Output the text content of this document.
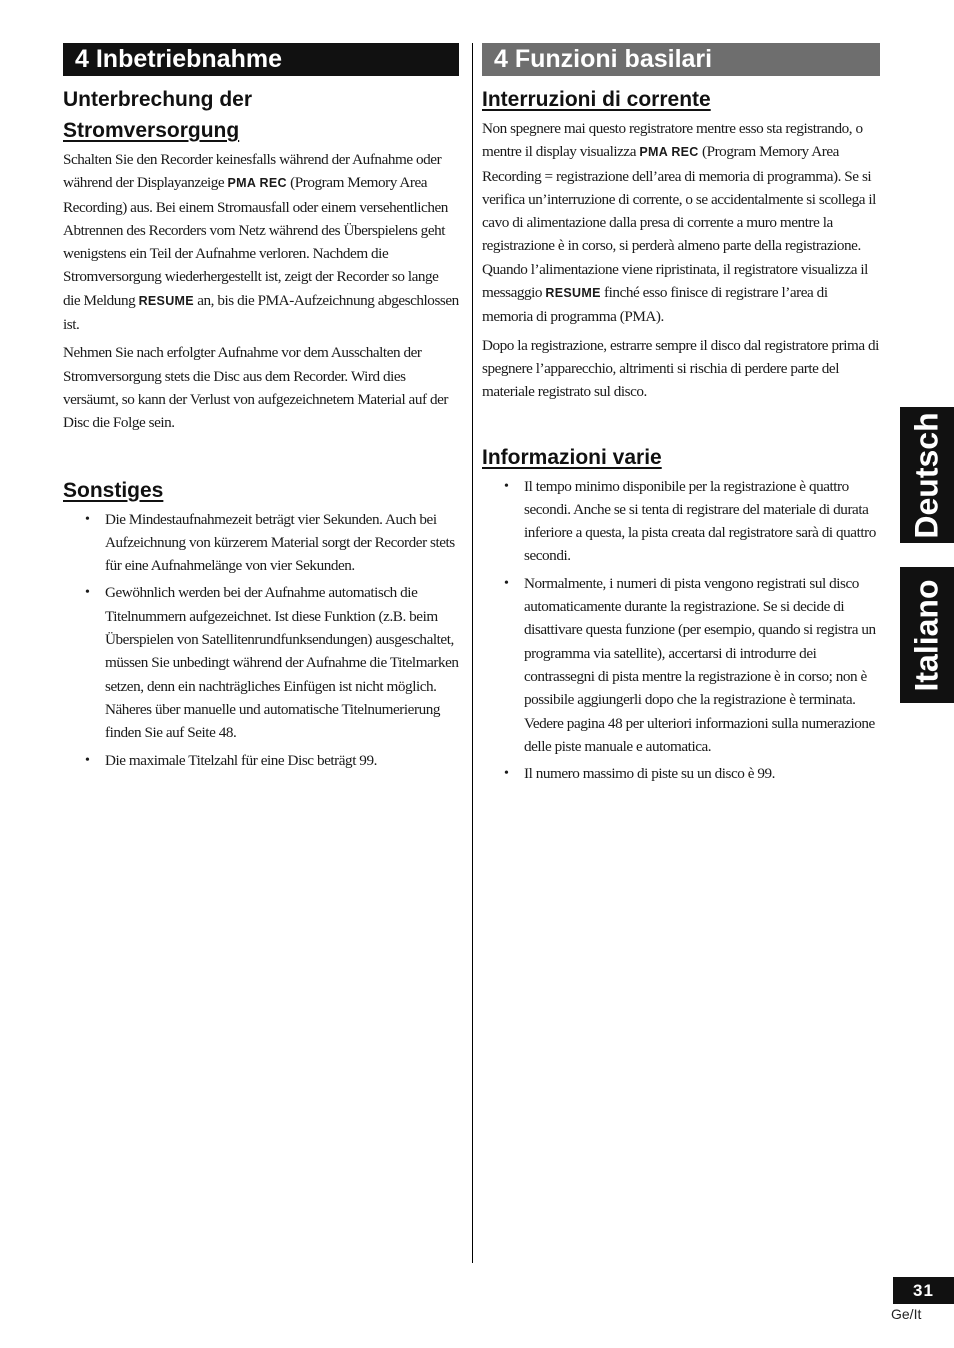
4 Inbetriebnahme
Unterbrechung der
Stromversorgung

Schalten Sie den Recorder keinesfalls während der Aufnahme oder während der Displayanzeige PMA REC (Program Memory Area Recording) aus. Bei einem Stromausfall oder einem versehentlichen Abtrennen des Recorders vom Netz während des Überspielens geht wenigstens ein Teil der Aufnahme verloren. Nachdem die Stromversorgung wiederhergestellt ist, zeigt der Recorder so lange die Meldung RESUME an, bis die PMA-Aufzeichnung abgeschlossen ist.

Nehmen Sie nach erfolgter Aufnahme vor dem Ausschalten der Stromversorgung stets die Disc aus dem Recorder. Wird dies versäumt, so kann der Verlust von aufgezeichnetem Material auf der Disc die Folge sein.

Sonstiges

• Die Mindestaufnahmezeit beträgt vier Sekunden. Auch bei Aufzeichnung von kürzerem Material sorgt der Recorder stets für eine Aufnahmelänge von vier Sekunden.

• Gewöhnlich werden bei der Aufnahme automatisch die Titelnummern aufgezeichnet. Ist diese Funktion (z.B. beim Überspielen von Satellitenrundfunksendungen) ausgeschaltet, müssen Sie unbedingt während der Aufnahme die Titelmarken setzen, denn ein nachträgliches Einfügen ist nicht möglich. Näheres über manuelle und automatische Titelnumerierung finden Sie auf Seite 48.

• Die maximale Titelzahl für eine Disc beträgt 99.

4 Funzioni basilari
Interruzioni di corrente

Non spegnere mai questo registratore mentre esso sta registrando, o mentre il display visualizza PMA REC (Program Memory Area Recording = registrazione dell’area di memoria di programma). Se si verifica un’interruzione di corrente, o se accidentalmente si scollega il cavo di alimentazione dalla presa di corrente a muro mentre la registrazione è in corso, si perderà almeno parte della registrazione. Quando l’alimentazione viene ripristinata, il registratore visualizza il messaggio RESUME finché esso finisce di registrare l’area di memoria di programma (PMA).

Dopo la registrazione, estrarre sempre il disco dal registratore prima di spegnere l’apparecchio, altrimenti si rischia di perdere parte del materiale registrato sul disco.

Informazioni varie

• Il tempo minimo disponibile per la registrazione è quattro secondi. Anche se si tenta di registrare del materiale di durata inferiore a questa, la pista creata dal registratore sarà di quattro secondi.

• Normalmente, i numeri di pista vengono registrati sul disco automaticamente durante la registrazione. Se si decide di disattivare questa funzione (per esempio, quando si registra un programma via satellite), accertarsi di introdurre dei contrassegni di pista mentre la registrazione è in corso; non è possibile aggiungerli dopo che la registrazione è terminata. Vedere pagina 48 per ulteriori informazioni sulla numerazione delle piste manuale e automatica.

• Il numero massimo di piste su un disco è 99.

Deutsch
Italiano
31
Ge/It
